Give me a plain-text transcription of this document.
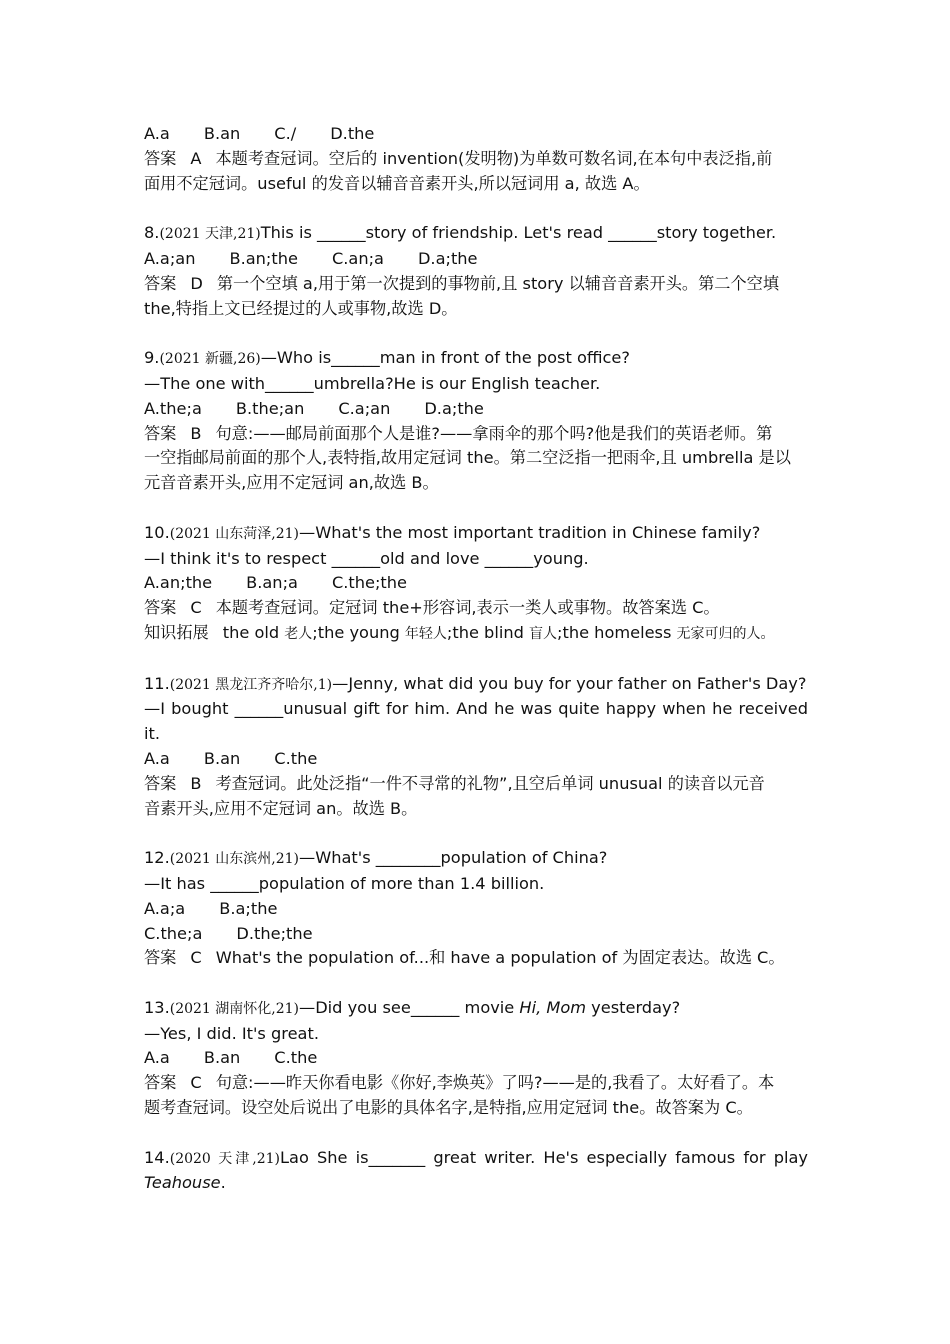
A.a B.an C./ D.the

答案 A 本题考查冠词。空后的 invention(发明物)为单数可数名词,在本句中表泛指,前

面用不定冠词。useful 的发音以辅音音素开头,所以冠词用 a, 故选 A。

8.(2021 天津,21)This is ______story of friendship. Let's read ______story together.

A.a;an B.an;the C.an;a D.a;the

答案 D 第一个空填 a,用于第一次提到的事物前,且 story 以辅音音素开头。第二个空填

the,特指上文已经提过的人或事物,故选 D。

9.(2021 新疆,26)—Who is______man in front of the post office?

—The one with______umbrella?He is our English teacher.

A.the;a B.the;an C.a;an D.a;the

答案 B 句意:——邮局前面那个人是谁?——拿雨伞的那个吗?他是我们的英语老师。第

一空指邮局前面的那个人,表特指,故用定冠词 the。第二空泛指一把雨伞,且 umbrella 是以

元音音素开头,应用不定冠词 an,故选 B。

10.(2021 山东菏泽,21)—What's the most important tradition in Chinese family?

—I think it's to respect ______old and love ______young.

A.an;the B.an;a C.the;the

答案 C 本题考查冠词。定冠词 the+形容词,表示一类人或事物。故答案选 C。

知识拓展 the old 老人;the young 年轻人;the blind 盲人;the homeless 无家可归的人。

11.(2021 黑龙江齐齐哈尔,1)—Jenny, what did you buy for your father on Father's Day?

—I bought ______unusual gift for him. And he was quite happy when he received it.

A.a B.an C.the

答案 B 考查冠词。此处泛指“一件不寻常的礼物”,且空后单词 unusual 的读音以元音

音素开头,应用不定冠词 an。故选 B。

12.(2021 山东滨州,21)—What's ________population of China?

—It has ______population of more than 1.4 billion.

A.a;a B.a;the

C.the;a D.the;the

答案 C What's the population of...和 have a population of 为固定表达。故选 C。

13.(2021 湖南怀化,21)—Did you see______ movie Hi, Mom yesterday?

—Yes, I did. It's great.

A.a B.an C.the

答案 C 句意:——昨天你看电影《你好,李焕英》了吗?——是的,我看了。太好看了。本

题考查冠词。设空处后说出了电影的具体名字,是特指,应用定冠词 the。故答案为 C。

14.(2020 天津,21)Lao She is_______ great writer. He's especially famous for play Teahouse.
